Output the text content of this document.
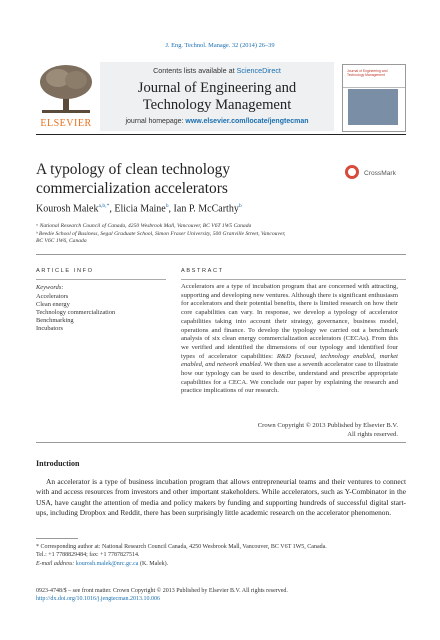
J. Eng. Technol. Manage. 32 (2014) 26–39
Contents lists available at ScienceDirect
Journal of Engineering and
Technology Management
journal homepage: www.elsevier.com/locate/jengtecman
ELSEVIER
Journal of Engineering and Technology Management
A typology of clean technology
commercialization accelerators
CrossMark
Kourosh Malek$^{a,b,*}$, Elicia Maine$^b$, Ian P. McCarthy$^b$
ᵃ National Research Council of Canada, 4250 Wesbrook Mall, Vancouver, BC V6T 1W5 Canada
ᵇ Beedie School of Business, Segal Graduate School, Simon Fraser University, 500 Granville Street, Vancouver,
BC V6C 1W6, Canada
ARTICLE INFO
Keywords:
Accelerators
Clean energy
Technology commercialization
Benchmarking
Incubators
ABSTRACT
Accelerators are a type of incubation program that are concerned with attracting, supporting and developing new ventures. Although there is significant enthusiasm for accelerators and their potential benefits, there is limited research on how their core capabilities can vary. In response, we develop a typology of accelerator capabilities taking into account their strategy, governance, business model, operations and finance. To develop the typology we carried out a benchmark analysis of six clean energy commercialization accelerators (CECAs). From this we verified and identified the dimensions of our typology and identified four types of accelerator capabilities: R&D focused, technology enabled, market enabled, and network enabled. We then use a seventh accelerator case to illustrate how our typology can be used to describe, understand and prescribe appropriate capabilities for a CECA. We conclude our paper by explaining the research and practice implications of our research.
Crown Copyright © 2013 Published by Elsevier B.V.
All rights reserved.
Introduction
An accelerator is a type of business incubation program that allows entrepreneurial teams and their ventures to connect with and access resources from investors and other important stakeholders. While accelerators, such as Y-Combinator in the USA, have caught the attention of media and policy makers by funding and supporting hundreds of successful digital start-ups, including Dropbox and Reddit, there has been surprisingly little academic research on the accelerator phenomenon.
* Corresponding author at: National Research Council Canada, 4250 Wesbrook Mall, Vancouver, BC V6T 1W5, Canada.
Tel.: +1 7788829484; fax: +1 7787827514.
E-mail address: kourosh.malek@nrc.gc.ca (K. Malek).
0923-4748/$ – see front matter. Crown Copyright © 2013 Published by Elsevier B.V. All rights reserved.
http://dx.doi.org/10.1016/j.jengtecman.2013.10.006
